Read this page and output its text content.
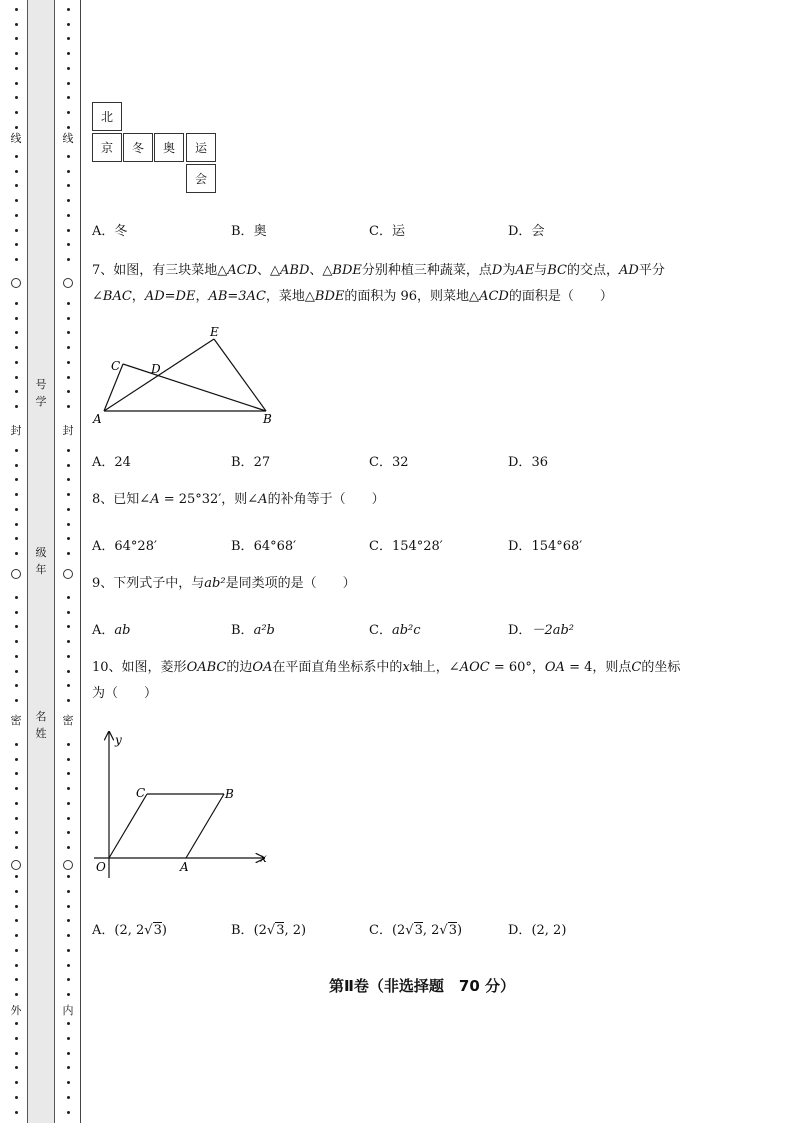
线
封
密
外
号
学
级
年
名
姓
线
封
密
内
北
京	冬	奥	运
会
A．冬	B．奥	C．运	D．会
7、如图，有三块菜地△ACD、△ABD、△BDE分别种植三种蔬菜，点D为AE与BC的交点，AD平分
∠BAC，AD=DE，AB=3AC，菜地△BDE的面积为 96，则菜地△ACD的面积是（　　）
E
C	D
A	B
A．24	B．27	C．32	D．36
8、已知∠A = 25°32′，则∠A的补角等于（　　）
A．64°28′	B．64°68′	C．154°28′	D．154°68′
9、下列式子中，与ab²是同类项的是（　　）
A．ab	B．a²b	C．ab²c	D．－2ab²
10、如图，菱形OABC的边OA在平面直角坐标系中的x轴上，∠AOC = 60°，OA = 4，则点C的坐标
为（　　）
y
x
C	B
O	A
A．(2, 2√3)	B．(2√3, 2)	C．(2√3, 2√3)	D．(2, 2)
第Ⅱ卷（非选择题　70 分）
